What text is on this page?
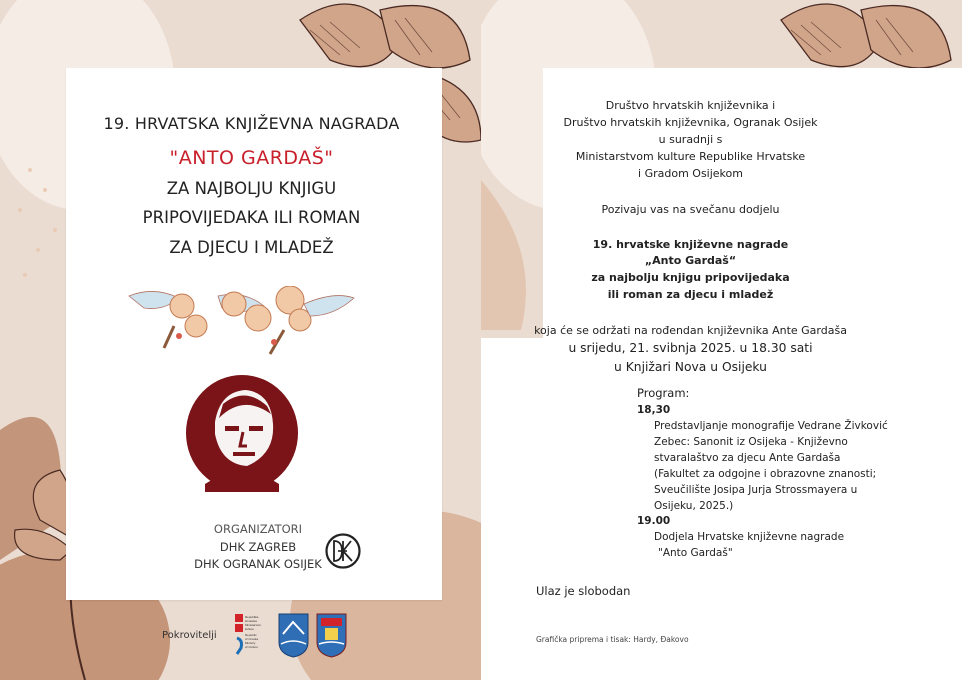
19. HRVATSKA KNJIŽEVNA NAGRADA
"ANTO GARDAŠ"
ZA NAJBOLJU KNJIGU
PRIPOVIJEDAKA ILI ROMAN
ZA DJECU I MLADEŽ
ORGANIZATORI
DHK ZAGREB
DHK OGRANAK OSIJEK
Pokrovitelji
Republika
Hrvatska
Ministarstvo
kulture
Republic
of Croatia
Ministry
of Culture
Društvo hrvatskih književnika i
Društvo hrvatskih književnika, Ogranak Osijek
u suradnji s
Ministarstvom kulture Republike Hrvatske
i Gradom Osijekom
Pozivaju vas na svečanu dodjelu
19. hrvatske književne nagrade
„Anto Gardaš“
za najbolju knjigu pripovijedaka
ili roman za djecu i mladež
koja će se održati na rođendan književnika Ante Gardaša
u srijedu, 21. svibnja 2025. u 18.30 sati
u Knjižari Nova u Osijeku
Program:
18,30
Predstavljanje monografije Vedrane Živković
Zebec: Sanonit iz Osijeka - Književno
stvaralaštvo za djecu Ante Gardaša
(Fakultet za odgojne i obrazovne znanosti;
Sveučilište Josipa Jurja Strossmayera u
Osijeku, 2025.)
19.00
Dodjela Hrvatske književne nagrade
"Anto Gardaš"
Ulaz je slobodan
Grafička priprema i tisak: Hardy, Đakovo
